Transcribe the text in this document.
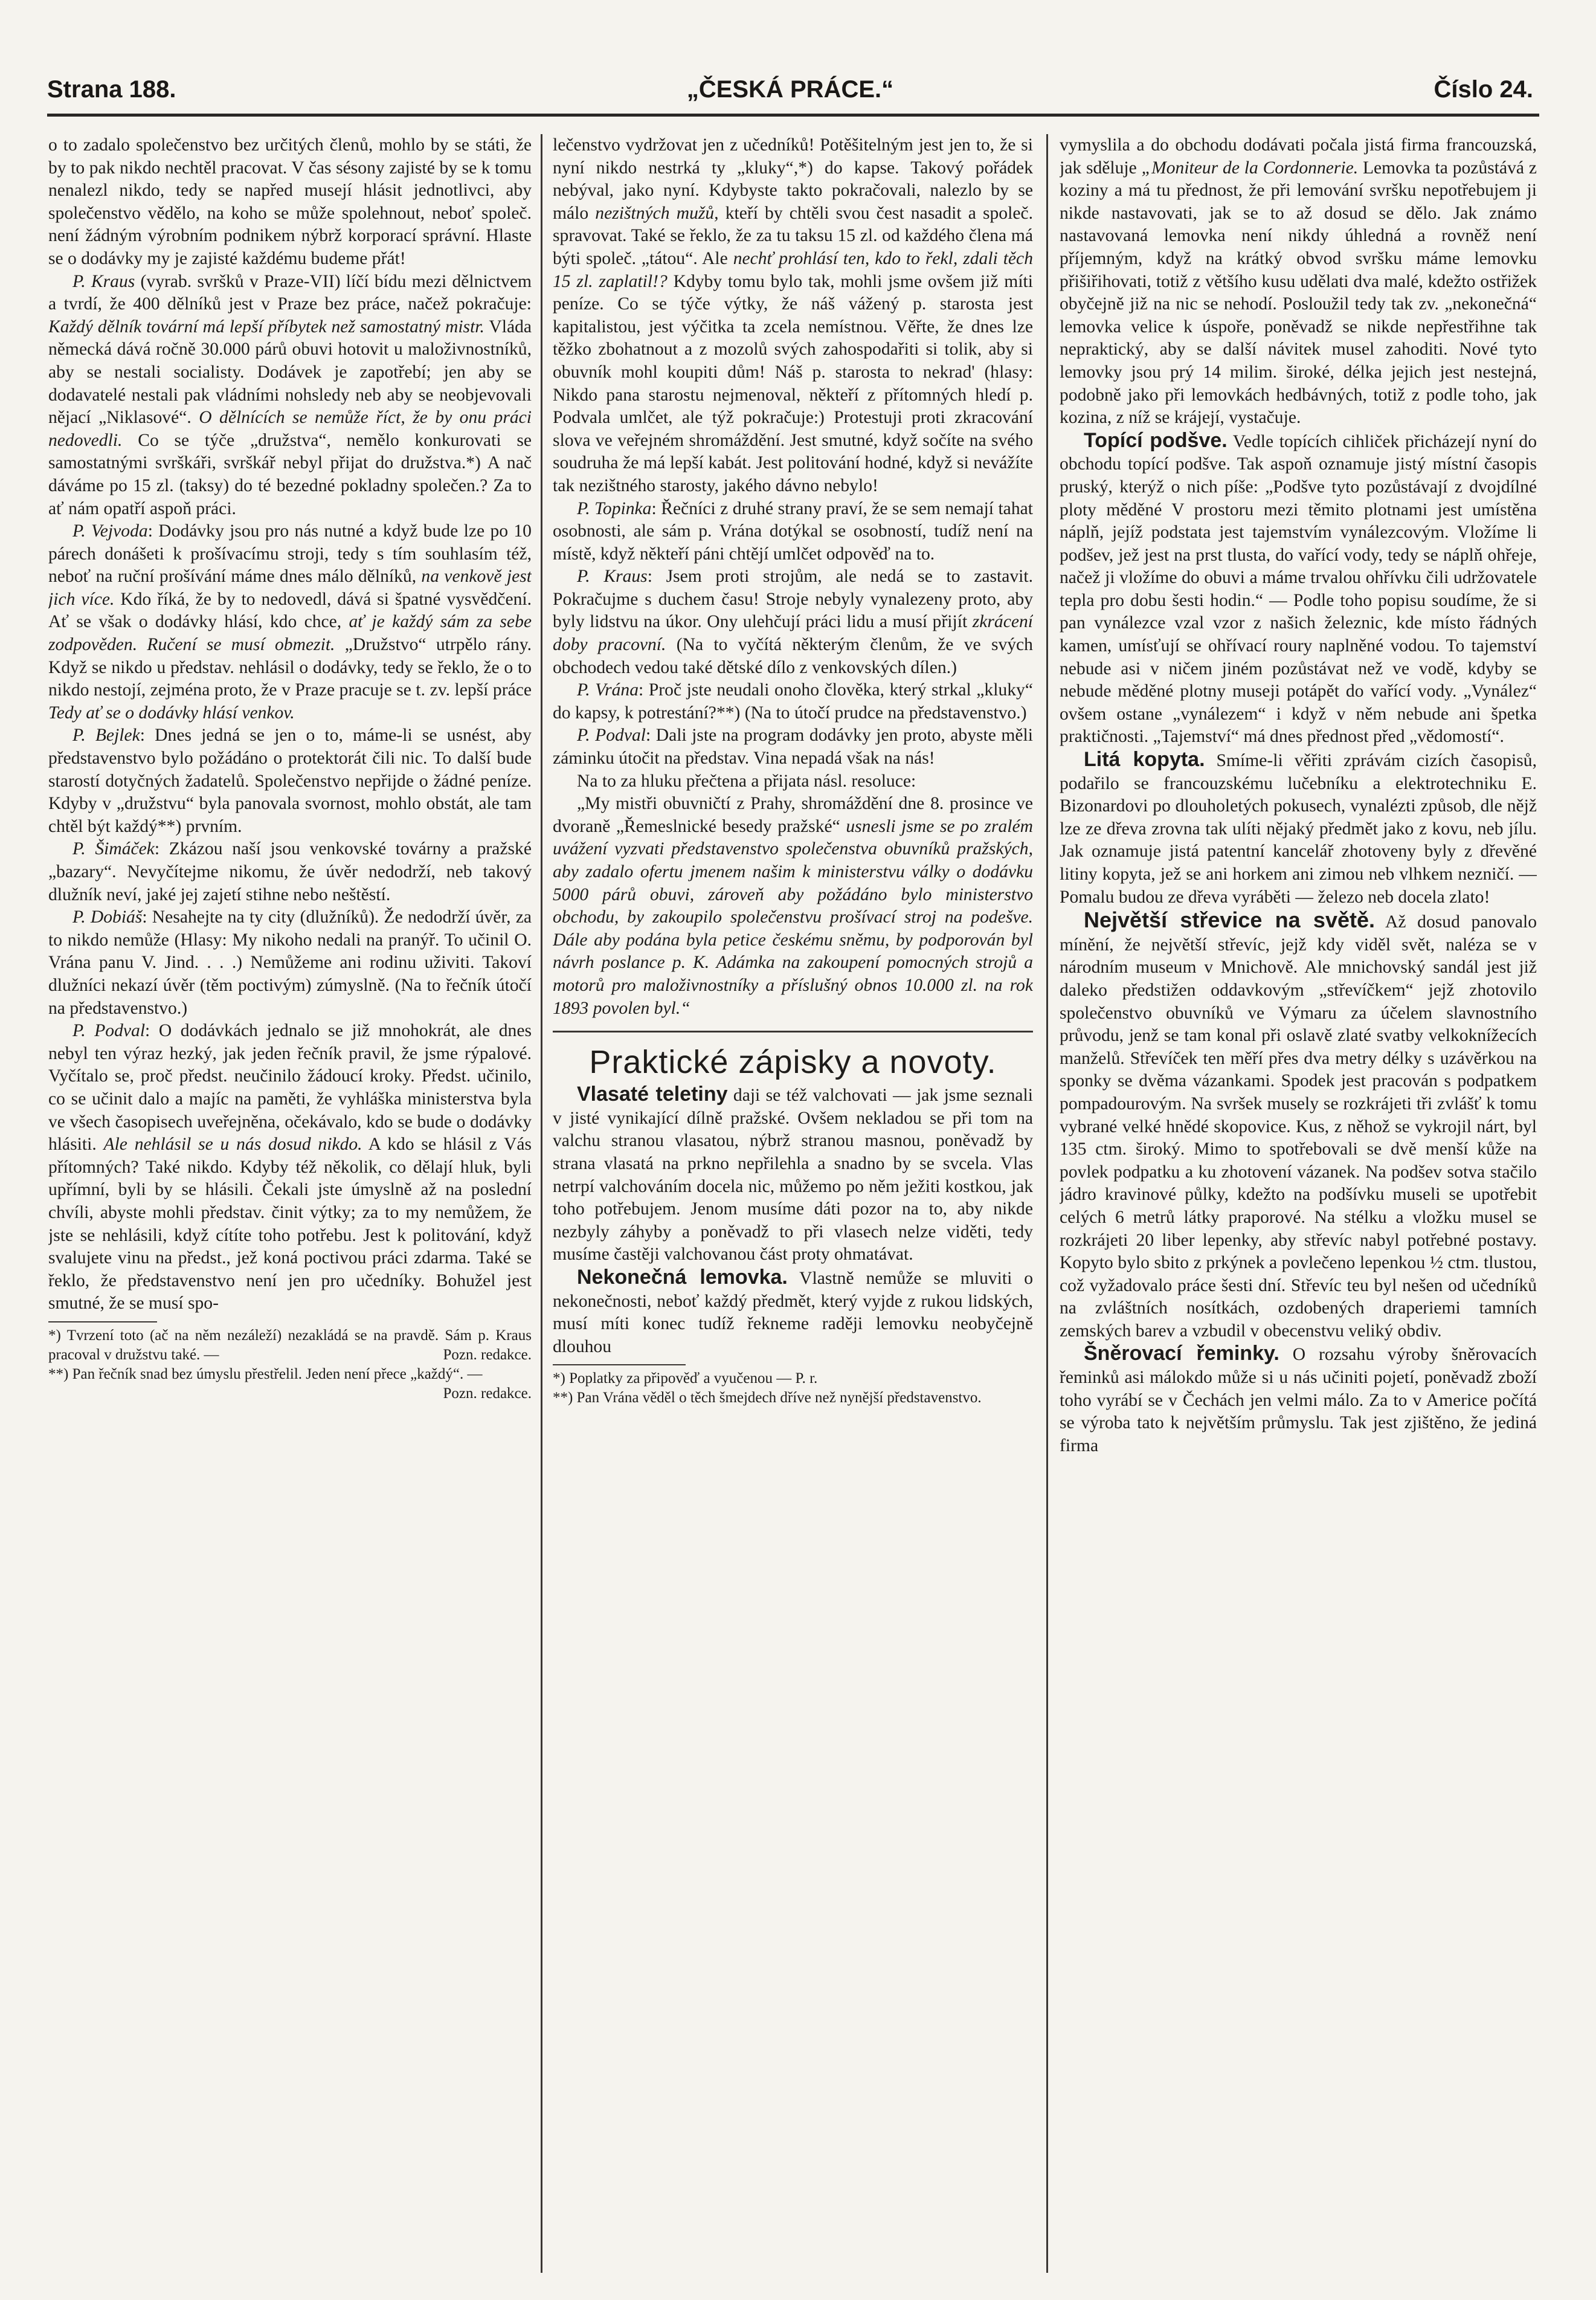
Strana 188.	„ČESKÁ PRÁCE.“	Číslo 24.

o to zadalo společenstvo bez určitých členů, mohlo by se státi, že by to pak nikdo nechtěl pracovat. V čas sésony zajisté by se k tomu nenalezl nikdo, tedy se napřed musejí hlásit jednotlivci, aby společenstvo vědělo, na koho se může spolehnout, neboť společ. není žádným výrobním podnikem nýbrž korporací správní. Hlaste se o dodávky my je zajisté každému budeme přát!

P. Kraus (vyrab. svršků v Praze-VII) líčí bídu mezi dělnictvem a tvrdí, že 400 dělníků jest v Praze bez práce, načež pokračuje: Každý dělník tovární má lepší příbytek než samostatný mistr. Vláda německá dává ročně 30.000 párů obuvi hotovit u maloživnostníků, aby se nestali socialisty. Dodávek je zapotřebí; jen aby se dodavatelé nestali pak vládními nohsledy neb aby se neobjevovali nějací „Niklasové“. O dělnících se nemůže říct, že by onu práci nedovedli. Co se týče „družstva“, nemělo konkurovati se samostatnými svrškáři, svrškář nebyl přijat do družstva.*) A nač dáváme po 15 zl. (taksy) do té bezedné pokladny společen.? Za to ať nám opatří aspoň práci.

P. Vejvoda: Dodávky jsou pro nás nutné a když bude lze po 10 párech donášeti k prošívacímu stroji, tedy s tím souhlasím též, neboť na ruční prošívání máme dnes málo dělníků, na venkově jest jich více. Kdo říká, že by to nedovedl, dává si špatné vysvědčení. Ať se však o dodávky hlásí, kdo chce, ať je každý sám za sebe zodpověden. Ručení se musí obmezit. „Družstvo“ utrpělo rány. Když se nikdo u představ. nehlásil o dodávky, tedy se řeklo, že o to nikdo nestojí, zejména proto, že v Praze pracuje se t. zv. lepší práce Tedy ať se o dodávky hlásí venkov.

P. Bejlek: Dnes jedná se jen o to, máme-li se usnést, aby představenstvo bylo požádáno o protektorát čili nic. To další bude starostí dotyčných žadatelů. Společenstvo nepřijde o žádné peníze. Kdyby v „družstvu“ byla panovala svornost, mohlo obstát, ale tam chtěl být každý**) prvním.

P. Šimáček: Zkázou naší jsou venkovské továrny a pražské „bazary“. Nevyčítejme nikomu, že úvěr nedodrží, neb takový dlužník neví, jaké jej zajetí stihne nebo neštěstí.

P. Dobiáš: Nesahejte na ty city (dlužníků). Že nedodrží úvěr, za to nikdo nemůže (Hlasy: My nikoho nedali na pranýř. To učinil O. Vrána panu V. Jind. . . .) Nemůžeme ani rodinu uživiti. Takoví dlužníci nekazí úvěr (těm poctivým) zúmyslně. (Na to řečník útočí na představenstvo.)

P. Podval: O dodávkách jednalo se již mnohokrát, ale dnes nebyl ten výraz hezký, jak jeden řečník pravil, že jsme rýpalové. Vyčítalo se, proč předst. neučinilo žádoucí kroky. Předst. učinilo, co se učinit dalo a majíc na paměti, že vyhláška ministerstva byla ve všech časopisech uveřejněna, očekávalo, kdo se bude o dodávky hlásiti. Ale nehlásil se u nás dosud nikdo. A kdo se hlásil z Vás přítomných? Také nikdo. Kdyby též několik, co dělají hluk, byli upřímní, byli by se hlásili. Čekali jste úmyslně až na poslední chvíli, abyste mohli představ. činit výtky; za to my nemůžem, že jste se nehlásili, když cítíte toho potřebu. Jest k politování, když svalujete vinu na předst., jež koná poctivou práci zdarma. Také se řeklo, že představenstvo není jen pro učedníky. Bohužel jest smutné, že se musí spo-

*) Tvrzení toto (ač na něm nezáleží) nezakládá se na pravdě. Sám p. Kraus pracoval v družstvu také. —	Pozn. redakce.
**) Pan řečník snad bez úmyslu přestřelil. Jeden není přece „každý“. —
Pozn. redakce.

lečenstvo vydržovat jen z učedníků! Potěšitelným jest jen to, že si nyní nikdo nestrká ty „kluky“,*) do kapse. Takový pořádek nebýval, jako nyní. Kdybyste takto pokračovali, nalezlo by se málo nezištných mužů, kteří by chtěli svou čest nasadit a společ. spravovat. Také se řeklo, že za tu taksu 15 zl. od každého člena má býti společ. „tátou“. Ale nechť prohlásí ten, kdo to řekl, zdali těch 15 zl. zaplatil!? Kdyby tomu bylo tak, mohli jsme ovšem již míti peníze. Co se týče výtky, že náš vážený p. starosta jest kapitalistou, jest výčitka ta zcela nemístnou. Věřte, že dnes lze těžko zbohatnout a z mozolů svých zahospodařiti si tolik, aby si obuvník mohl koupiti dům! Náš p. starosta to nekrad' (hlasy: Nikdo pana starostu nejmenoval, někteří z přítomných hledí p. Podvala umlčet, ale týž pokračuje:) Protestuji proti zkracování slova ve veřejném shromáždění. Jest smutné, když sočíte na svého soudruha že má lepší kabát. Jest politování hodné, když si nevážíte tak nezištného starosty, jakého dávno nebylo!

P. Topinka: Řečníci z druhé strany praví, že se sem nemají tahat osobnosti, ale sám p. Vrána dotýkal se osobností, tudíž není na místě, když někteří páni chtějí umlčet odpověď na to.

P. Kraus: Jsem proti strojům, ale nedá se to zastavit. Pokračujme s duchem času! Stroje nebyly vynalezeny proto, aby byly lidstvu na úkor. Ony ulehčují práci lidu a musí přijít zkrácení doby pracovní. (Na to vyčítá některým členům, že ve svých obchodech vedou také dětské dílo z venkovských dílen.)

P. Vrána: Proč jste neudali onoho člověka, který strkal „kluky“ do kapsy, k potrestání?**) (Na to útočí prudce na představenstvo.)

P. Podval: Dali jste na program dodávky jen proto, abyste měli záminku útočit na představ. Vina nepadá však na nás!

Na to za hluku přečtena a přijata násl. resoluce:

„My mistři obuvničtí z Prahy, shromáždění dne 8. prosince ve dvoraně „Řemeslnické besedy pražské“ usnesli jsme se po zralém uvážení vyzvati představenstvo společenstva obuvníků pražských, aby zadalo ofertu jmenem našim k ministerstvu války o dodávku 5000 párů obuvi, zároveň aby požádáno bylo ministerstvo obchodu, by zakoupilo společenstvu prošívací stroj na podešve. Dále aby podána byla petice českému sněmu, by podporován byl návrh poslance p. K. Adámka na zakoupení pomocných strojů a motorů pro maloživnostníky a příslušný obnos 10.000 zl. na rok 1893 povolen byl.“

Praktické zápisky a novoty.

Vlasaté teletiny daji se též valchovati — jak jsme seznali v jisté vynikající dílně pražské. Ovšem nekladou se při tom na valchu stranou vlasatou, nýbrž stranou masnou, poněvadž by strana vlasatá na prkno nepřilehla a snadno by se svcela. Vlas netrpí valchováním docela nic, můžemo po něm ježiti kostkou, jak toho potřebujem. Jenom musíme dáti pozor na to, aby nikde nezbyly záhyby a poněvadž to při vlasech nelze viděti, tedy musíme častěji valchovanou část proty ohmatávat.

Nekonečná lemovka. Vlastně nemůže se mluviti o nekonečnosti, neboť každý předmět, který vyjde z rukou lidských, musí míti konec tudíž řekneme raději lemovku neobyčejně dlouhou

*) Poplatky za připověď a vyučenou — P. r.
**) Pan Vrána věděl o těch šmejdech dříve než nynější představenstvo.

vymyslila a do obchodu dodávati počala jistá firma francouzská, jak sděluje „Moniteur de la Cordonnerie. Lemovka ta pozůstává z koziny a má tu přednost, že při lemování svršku nepotřebujem ji nikde nastavovati, jak se to až dosud se dělo. Jak známo nastavovaná lemovka není nikdy úhledná a rovněž není příjemným, když na krátký obvod svršku máme lemovku přišiřihovati, totiž z většího kusu udělati dva malé, kdežto ostřižek obyčejně již na nic se nehodí. Posloužil tedy tak zv. „nekonečná“ lemovka velice k úspoře, poněvadž se nikde nepřestřihne tak nepraktický, aby se další návitek musel zahoditi. Nové tyto lemovky jsou prý 14 milim. široké, délka jejich jest nestejná, podobně jako při lemovkách hedbávných, totiž z podle toho, jak kozina, z níž se krájejí, vystačuje.

Topící podšve. Vedle topících cihliček přicházejí nyní do obchodu topící podšve. Tak aspoň oznamuje jistý místní časopis pruský, kterýž o nich píše: „Podšve tyto pozůstávají z dvojdílné ploty měděné V prostoru mezi těmito plotnami jest umístěna náplň, jejíž podstata jest tajemstvím vynálezcovým. Vložíme li podšev, jež jest na prst tlusta, do vařící vody, tedy se náplň ohřeje, načež ji vložíme do obuvi a máme trvalou ohřívku čili udržovatele tepla pro dobu šesti hodin.“ — Podle toho popisu soudíme, že si pan vynálezce vzal vzor z našich železnic, kde místo řádných kamen, umísťují se ohřívací roury naplněné vodou. To tajemství nebude asi v ničem jiném pozůstávat než ve vodě, kdyby se nebude měděné plotny museji potápět do vařící vody. „Vynález“ ovšem ostane „vynálezem“ i když v něm nebude ani špetka praktičnosti. „Tajemství“ má dnes přednost před „vědomostí“.

Litá kopyta. Smíme-li věřiti zprávám cizích časopisů, podařilo se francouzskému lučebníku a elektrotechniku E. Bizonardovi po dlouholetých pokusech, vynalézti způsob, dle nějž lze ze dřeva zrovna tak ulíti nějaký předmět jako z kovu, neb jílu. Jak oznamuje jistá patentní kancelář zhotoveny byly z dřevěné litiny kopyta, jež se ani horkem ani zimou neb vlhkem nezničí. — Pomalu budou ze dřeva vyráběti — železo neb docela zlato!

Největší střevice na světě. Až dosud panovalo mínění, že největší střevíc, jejž kdy viděl svět, naléza se v národním museum v Mnichově. Ale mnichovský sandál jest již daleko předstižen oddavkovým „střevíčkem“ jejž zhotovilo společenstvo obuvníků ve Výmaru za účelem slavnostního průvodu, jenž se tam konal při oslavě zlaté svatby velkoknížecích manželů. Střevíček ten měří přes dva metry délky s uzávěrkou na sponky se dvěma vázankami. Spodek jest pracován s podpatkem pompadourovým. Na svršek musely se rozkrájeti tři zvlášť k tomu vybrané velké hnědé skopovice. Kus, z něhož se vykrojil nárt, byl 135 ctm. široký. Mimo to spotřebovali se dvě menší kůže na povlek podpatku a ku zhotovení vázanek. Na podšev sotva stačilo jádro kravinové půlky, kdežto na podšívku museli se upotřebit celých 6 metrů látky praporové. Na stélku a vložku musel se rozkrájeti 20 liber lepenky, aby střevíc nabyl potřebné postavy. Kopyto bylo sbito z prkýnek a povlečeno lepenkou ½ ctm. tlustou, což vyžadovalo práce šesti dní. Střevíc teu byl nešen od učedníků na zvláštních nosítkách, ozdobených draperiemi tamních zemských barev a vzbudil v obecenstvu veliký obdiv.

Šněrovací řeminky. O rozsahu výroby šněrovacích řeminků asi málokdo může si u nás učiniti pojetí, poněvadž zboží toho vyrábí se v Čechách jen velmi málo. Za to v Americe počítá se výroba tato k největším průmyslu. Tak jest zjištěno, že jediná firma
